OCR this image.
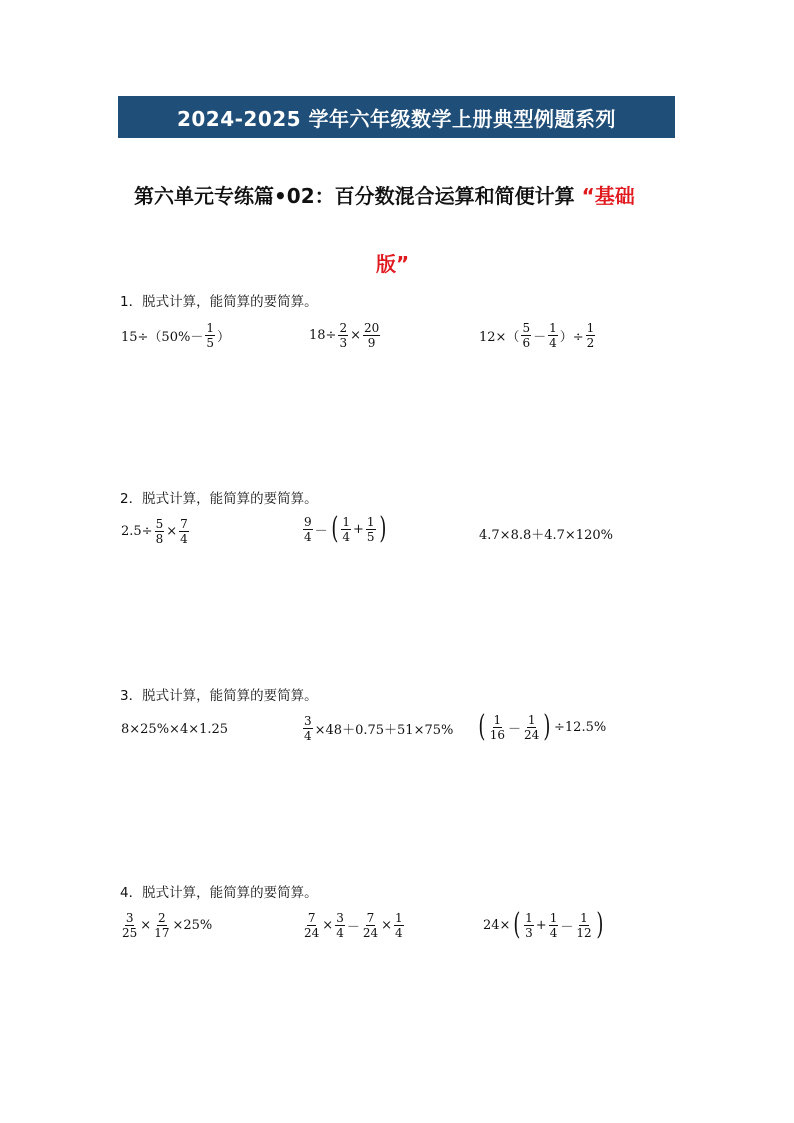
2024-2025 学年六年级数学上册典型例题系列
第六单元专练篇•02：百分数混合运算和简便计算 “基础
版”
1．脱式计算，能简算的要简算。
$15\div(50\%- \frac{1}{5}$ ）	$18\div \frac{2}{3} \times \frac{20}{9}$	$12\times( \frac{5}{6} - \frac{1}{4}$ ）÷ $\frac{1}{2}$
2．脱式计算，能简算的要简算。
$2.5\div \frac{5}{8} \times \frac{7}{4}$	$\frac{9}{4}$ － ( $\frac{1}{4} + \frac{1}{5}$ )	4.7×8.8＋4.7×120%
3．脱式计算，能简算的要简算。
8×25%×4×1.25	$\frac{3}{4} \times 48+0.75+51\times 75\%$ ( $\frac{1}{16} - \frac{1}{24}$ ) ÷12.5%
4．脱式计算，能简算的要简算。
$\frac{3}{25} \times \frac{2}{17} \times 25\%$	$\frac{7}{24} \times \frac{3}{4} - \frac{7}{24} \times \frac{1}{4}$	24× ( $\frac{1}{3} + \frac{1}{4} - \frac{1}{12}$ )
